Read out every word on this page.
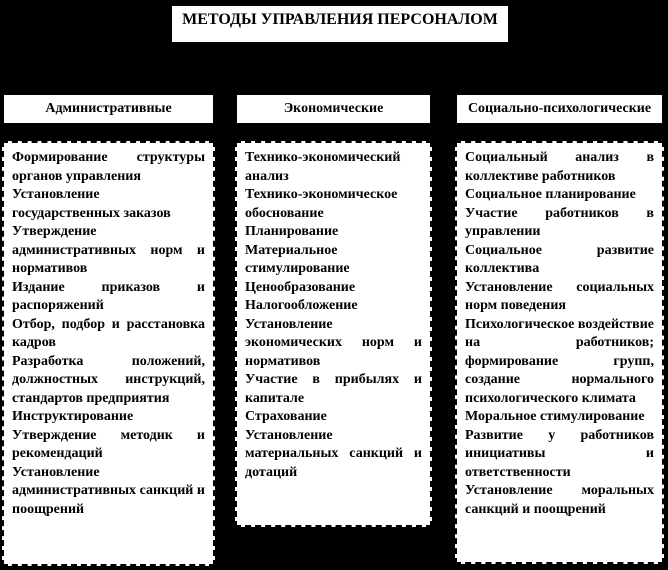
МЕТОДЫ УПРАВЛЕНИЯ ПЕРСОНАЛОМ
Административные	Экономические	Социально-психологические
Формирование структуры органов управления
Установление государственных заказов
Утверждение административных норм и нормативов
Издание приказов и распоряжений
Отбор, подбор и расстановка кадров
Разработка положений, должностных инструкций, стандартов предприятия
Инструктирование
Утверждение методик и рекомендаций
Установление административных санкций и поощрений
Технико-экономический анализ
Технико-экономическое обоснование
Планирование
Материальное стимулирование
Ценообразование
Налогообложение
Установление экономических норм и нормативов
Участие в прибылях и капитале
Страхование
Установление материальных санкций и дотаций
Социальный анализ в коллективе работников
Социальное планирование
Участие работников в управлении
Социальное развитие коллектива
Установление социальных норм поведения
Психологическое воздействие на работников; формирование групп, создание нормального психологического климата
Моральное стимулирование
Развитие у работников инициативы и ответственности
Установление моральных санкций и поощрений
